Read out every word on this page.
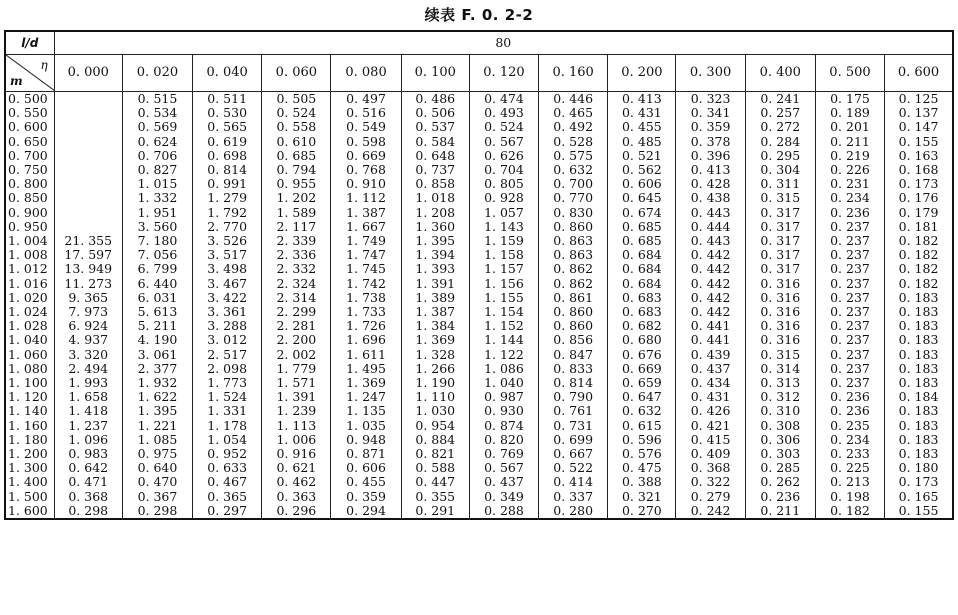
续表 F. 0. 2-2
l/d	80												

η
m	0. 000	0. 020	0. 040	0. 060	0. 080	0. 100	0. 120	0. 160	0. 200	0. 300	0. 400	0. 500	0. 600
0. 500		0. 515	0. 511	0. 505	0. 497	0. 486	0. 474	0. 446	0. 413	0. 323	0. 241	0. 175	0. 125
0. 550		0. 534	0. 530	0. 524	0. 516	0. 506	0. 493	0. 465	0. 431	0. 341	0. 257	0. 189	0. 137
0. 600		0. 569	0. 565	0. 558	0. 549	0. 537	0. 524	0. 492	0. 455	0. 359	0. 272	0. 201	0. 147
0. 650		0. 624	0. 619	0. 610	0. 598	0. 584	0. 567	0. 528	0. 485	0. 378	0. 284	0. 211	0. 155
0. 700		0. 706	0. 698	0. 685	0. 669	0. 648	0. 626	0. 575	0. 521	0. 396	0. 295	0. 219	0. 163
0. 750		0. 827	0. 814	0. 794	0. 768	0. 737	0. 704	0. 632	0. 562	0. 413	0. 304	0. 226	0. 168
0. 800		1. 015	0. 991	0. 955	0. 910	0. 858	0. 805	0. 700	0. 606	0. 428	0. 311	0. 231	0. 173
0. 850		1. 332	1. 279	1. 202	1. 112	1. 018	0. 928	0. 770	0. 645	0. 438	0. 315	0. 234	0. 176
0. 900		1. 951	1. 792	1. 589	1. 387	1. 208	1. 057	0. 830	0. 674	0. 443	0. 317	0. 236	0. 179
0. 950		3. 560	2. 770	2. 117	1. 667	1. 360	1. 143	0. 860	0. 685	0. 444	0. 317	0. 237	0. 181
1. 004	21. 355	7. 180	3. 526	2. 339	1. 749	1. 395	1. 159	0. 863	0. 685	0. 443	0. 317	0. 237	0. 182
1. 008	17. 597	7. 056	3. 517	2. 336	1. 747	1. 394	1. 158	0. 863	0. 684	0. 442	0. 317	0. 237	0. 182
1. 012	13. 949	6. 799	3. 498	2. 332	1. 745	1. 393	1. 157	0. 862	0. 684	0. 442	0. 317	0. 237	0. 182
1. 016	11. 273	6. 440	3. 467	2. 324	1. 742	1. 391	1. 156	0. 862	0. 684	0. 442	0. 316	0. 237	0. 182
1. 020	9. 365	6. 031	3. 422	2. 314	1. 738	1. 389	1. 155	0. 861	0. 683	0. 442	0. 316	0. 237	0. 183
1. 024	7. 973	5. 613	3. 361	2. 299	1. 733	1. 387	1. 154	0. 860	0. 683	0. 442	0. 316	0. 237	0. 183
1. 028	6. 924	5. 211	3. 288	2. 281	1. 726	1. 384	1. 152	0. 860	0. 682	0. 441	0. 316	0. 237	0. 183
1. 040	4. 937	4. 190	3. 012	2. 200	1. 696	1. 369	1. 144	0. 856	0. 680	0. 441	0. 316	0. 237	0. 183
1. 060	3. 320	3. 061	2. 517	2. 002	1. 611	1. 328	1. 122	0. 847	0. 676	0. 439	0. 315	0. 237	0. 183
1. 080	2. 494	2. 377	2. 098	1. 779	1. 495	1. 266	1. 086	0. 833	0. 669	0. 437	0. 314	0. 237	0. 183
1. 100	1. 993	1. 932	1. 773	1. 571	1. 369	1. 190	1. 040	0. 814	0. 659	0. 434	0. 313	0. 237	0. 183
1. 120	1. 658	1. 622	1. 524	1. 391	1. 247	1. 110	0. 987	0. 790	0. 647	0. 431	0. 312	0. 236	0. 184
1. 140	1. 418	1. 395	1. 331	1. 239	1. 135	1. 030	0. 930	0. 761	0. 632	0. 426	0. 310	0. 236	0. 183
1. 160	1. 237	1. 221	1. 178	1. 113	1. 035	0. 954	0. 874	0. 731	0. 615	0. 421	0. 308	0. 235	0. 183
1. 180	1. 096	1. 085	1. 054	1. 006	0. 948	0. 884	0. 820	0. 699	0. 596	0. 415	0. 306	0. 234	0. 183
1. 200	0. 983	0. 975	0. 952	0. 916	0. 871	0. 821	0. 769	0. 667	0. 576	0. 409	0. 303	0. 233	0. 183
1. 300	0. 642	0. 640	0. 633	0. 621	0. 606	0. 588	0. 567	0. 522	0. 475	0. 368	0. 285	0. 225	0. 180
1. 400	0. 471	0. 470	0. 467	0. 462	0. 455	0. 447	0. 437	0. 414	0. 388	0. 322	0. 262	0. 213	0. 173
1. 500	0. 368	0. 367	0. 365	0. 363	0. 359	0. 355	0. 349	0. 337	0. 321	0. 279	0. 236	0. 198	0. 165
1. 600	0. 298	0. 298	0. 297	0. 296	0. 294	0. 291	0. 288	0. 280	0. 270	0. 242	0. 211	0. 182	0. 155
